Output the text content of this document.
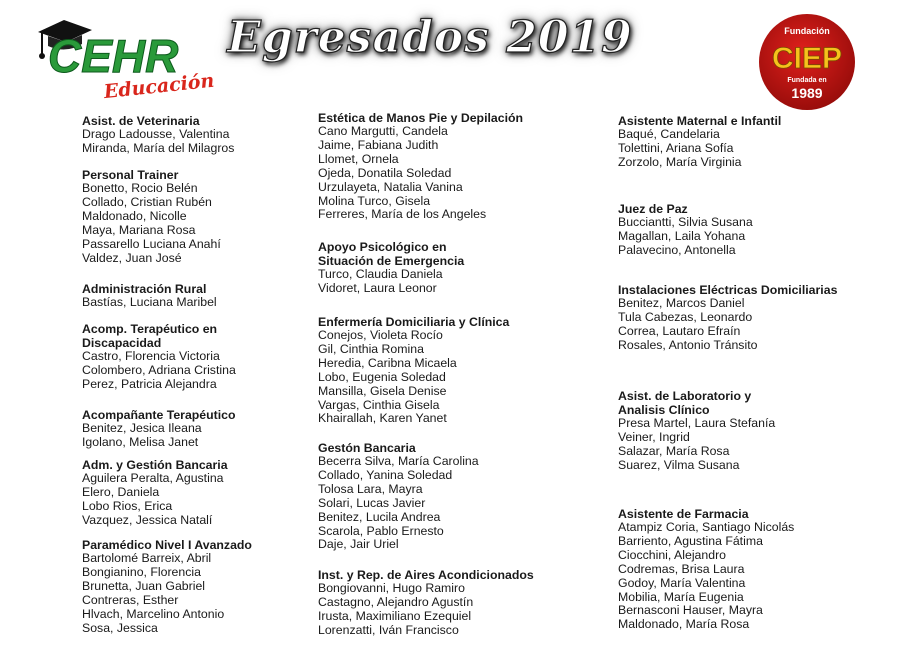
CEHR
Educación
Egresados 2019	Fundación
CIEP
Fundada en
1989
Asist. de Veterinaria
Drago Ladousse, Valentina
Miranda, María del Milagros
Personal Trainer
Bonetto, Rocio Belén
Collado, Cristian Rubén
Maldonado, Nicolle
Maya, Mariana Rosa
Passarello Luciana Anahí
Valdez, Juan José
Administración Rural
Bastías, Luciana Maribel
Acomp. Terapéutico en
Discapacidad
Castro, Florencia Victoria
Colombero, Adriana Cristina
Perez, Patricia Alejandra
Acompañante Terapéutico
Benitez, Jesica Ileana
Igolano, Melisa Janet
Adm. y Gestión Bancaria
Aguilera Peralta, Agustina
Elero, Daniela
Lobo Rios, Erica
Vazquez, Jessica Natalí
Paramédico Nivel I Avanzado
Bartolomé Barreix, Abril
Bongianino, Florencia
Brunetta, Juan Gabriel
Contreras, Esther
Hlvach, Marcelino Antonio
Sosa, Jessica
Estética de Manos Pie y Depilación
Cano Margutti, Candela
Jaime, Fabiana Judith
Llomet, Ornela
Ojeda, Donatila Soledad
Urzulayeta, Natalia Vanina
Molina Turco, Gisela
Ferreres, María de los Angeles
Apoyo Psicológico en
Situación de Emergencia
Turco, Claudia Daniela
Vidoret, Laura Leonor
Enfermería Domiciliaria y Clínica
Conejos, Violeta Rocío
Gil, Cinthia Romina
Heredia, Caribna Micaela
Lobo, Eugenia Soledad
Mansilla, Gisela Denise
Vargas, Cinthia Gisela
Khairallah, Karen Yanet
Gestón Bancaria
Becerra Silva, María Carolina
Collado, Yanina Soledad
Tolosa Lara, Mayra
Solari, Lucas Javier
Benitez, Lucila Andrea
Scarola, Pablo Ernesto
Daje, Jair Uriel
Inst. y Rep. de Aires Acondicionados
Bongiovanni, Hugo Ramiro
Castagno, Alejandro Agustín
Irusta, Maximiliano Ezequiel
Lorenzatti, Iván Francisco
Asistente Maternal e Infantil
Baqué, Candelaria
Tolettini, Ariana Sofía
Zorzolo, María Virginia
Juez de Paz
Bucciantti, Silvia Susana
Magallan, Laila Yohana
Palavecino, Antonella
Instalaciones Eléctricas Domiciliarias
Benitez, Marcos Daniel
Tula Cabezas, Leonardo
Correa, Lautaro Efraín
Rosales, Antonio Tránsito
Asist. de Laboratorio y
Analisis Clínico
Presa Martel, Laura Stefanía
Veiner, Ingrid
Salazar, María Rosa
Suarez, Vilma Susana
Asistente de Farmacia
Atampiz Coria, Santiago Nicolás
Barriento, Agustina Fátima
Ciocchini, Alejandro
Codremas, Brisa Laura
Godoy, María Valentina
Mobilia, María Eugenia
Bernasconi Hauser, Mayra
Maldonado, María Rosa
